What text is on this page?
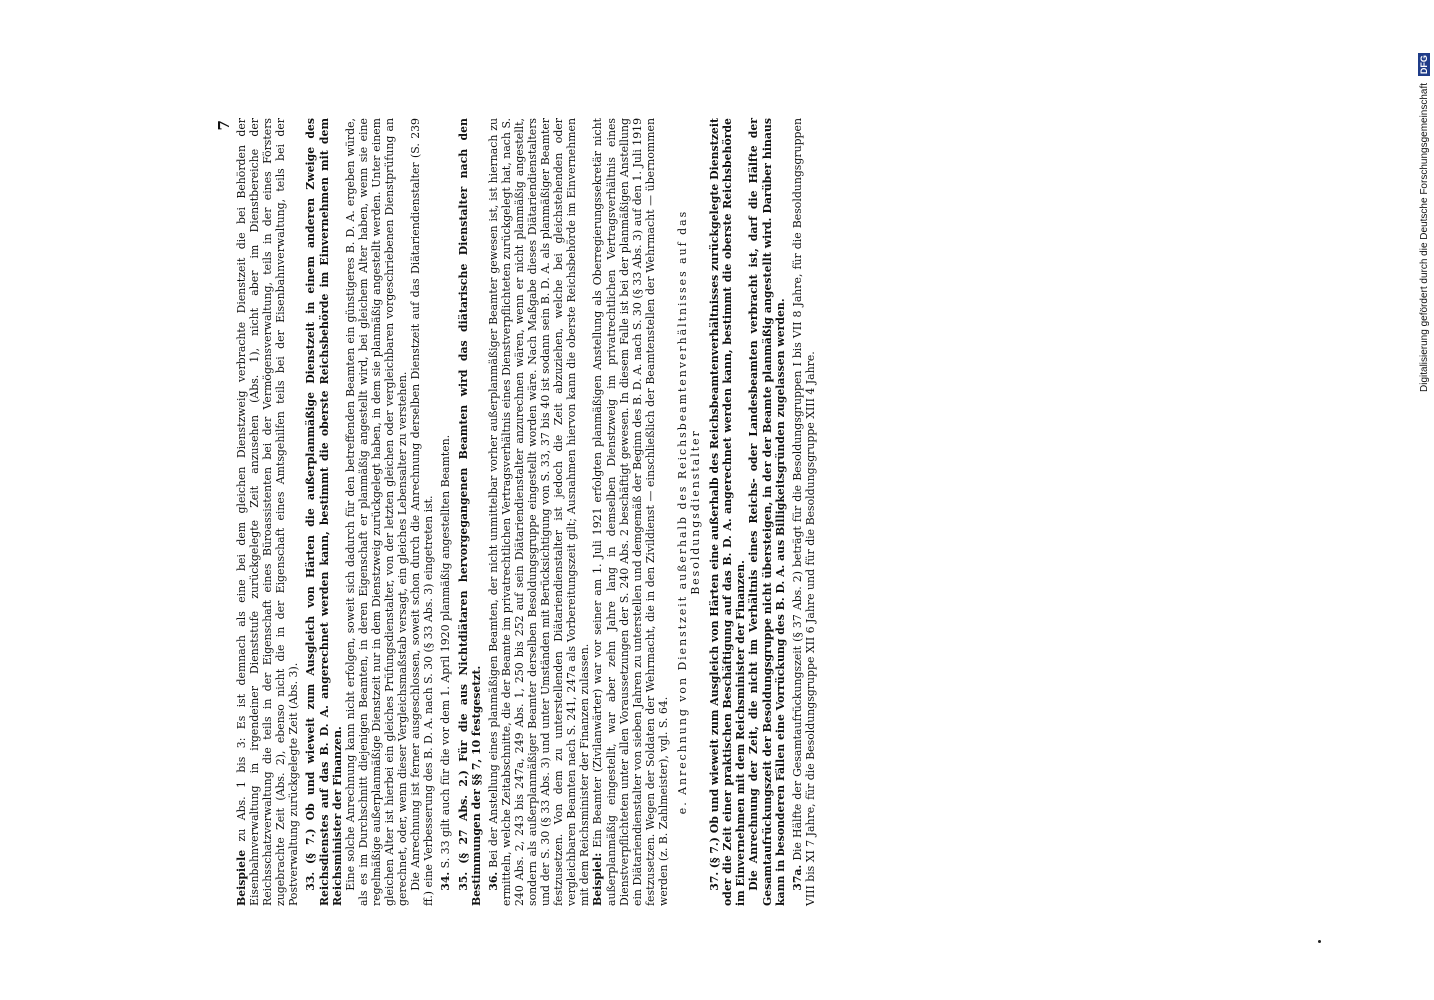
7

Beispiele zu Abs. 1 bis 3: Es ist demnach als eine bei dem gleichen Dienstzweig verbrachte Dienstzeit die bei Behörden der Eisenbahnverwaltung in irgendeiner Dienststufe zurückgelegte Zeit anzusehen (Abs. 1), nicht aber im Dienstbereiche der Reichsschatzverwaltung die teils in der Eigenschaft eines Büroassistenten bei der Vermögensverwaltung, teils in der eines Försters zugebrachte Zeit (Abs. 2), ebenso nicht die in der Eigenschaft eines Amtsgehilfen teils bei der Eisenbahnverwaltung, teils bei der Postverwaltung zurückgelegte Zeit (Abs. 3). 33. (§ 7.) Ob und wieweit zum Ausgleich von Härten die außerplanmäßige Dienstzeit in einem anderen Zweige des Reichsdienstes auf das B. D. A. angerechnet werden kann, bestimmt die oberste Reichsbehörde im Einvernehmen mit dem Reichsminister der Finanzen. Eine solche Anrechnung kann nicht erfolgen, soweit sich dadurch für den betreffenden Beamten ein günstigeres B. D. A. ergeben würde, als es im Durchschnitt diejenigen Beamten, in deren Eigenschaft er planmäßig angestellt wird, bei gleichem Alter haben, wenn sie eine regelmäßige außerplanmäßige Dienstzeit nur in dem Dienstzweig zurückgelegt haben, in dem sie planmäßig angestellt werden. Unter einem gleichen Alter ist hierbei ein gleiches Prüfungsdienstalter, von der letzten gleichen oder vergleichbaren vorgeschriebenen Dienstprüfung an gerechnet, oder, wenn dieser Vergleichsmaßstab versagt, ein gleiches Lebensalter zu verstehen. Die Anrechnung ist ferner ausgeschlossen, soweit schon durch die Anrechnung derselben Dienstzeit auf das Diätariendienstalter (S. 239 ff.) eine Verbesserung des B. D. A. nach S. 30 (§ 33 Abs. 3) eingetreten ist. 34. S. 33 gilt auch für die vor dem 1. April 1920 planmäßig angestellten Beamten.

35. (§ 27 Abs. 2.) Für die aus Nichtdiätaren hervorgegangenen Beamten wird das diätarische Dienstalter nach den Bestimmungen der §§ 7, 10 festgesetzt. 36. Bei der Anstellung eines planmäßigen Beamten, der nicht unmittelbar vorher außerplanmäßiger Beamter gewesen ist, ist hiernach zu ermitteln, welche Zeitabschnitte, die der Beamte im privatrechtlichen Vertragsverhältnis eines Dienstverpflichteten zurückgelegt hat, nach S. 240 Abs. 2, 243 bis 247a, 249 Abs. 1, 250 bis 252 auf sein Diätariendienstalter anzurechnen wären, wenn er nicht planmäßig angestellt, sondern als außerplanmäßiger Beamter derselben Besoldungsgruppe eingestellt worden wäre. Nach Maßgabe dieses Diätariendienstalters und der S. 30 (§ 33 Abs. 3) und unter Umständen mit Berücksichtigung von S. 33, 37 bis 40 ist sodann sein B. D. A. als planmäßiger Beamter festzusetzen. Von dem zu unterstellenden Diätariendienstalter ist jedoch die Zeit abzuziehen, welche bei gleichstehenden oder vergleichbaren Beamten nach S. 241, 247a als Vorbereitungszeit gilt; Ausnahmen hiervon kann die oberste Reichsbehörde im Einvernehmen mit dem Reichsminister der Finanzen zulassen. Beispiel: Ein Beamter (Zivilanwärter) war vor seiner am 1. Juli 1921 erfolgten planmäßigen Anstellung als Oberregierungssekretär nicht außerplanmäßig eingestellt, war aber zehn Jahre lang in demselben Dienstzweig im privatrechtlichen Vertragsverhältnis eines Dienstverpflichteten unter allen Voraussetzungen der S. 240 Abs. 2 beschäftigt gewesen. In diesem Falle ist bei der planmäßigen Anstellung ein Diätariendienstalter von sieben Jahren zu unterstellen und demgemäß der Beginn des B. D. A. nach S. 30 (§ 33 Abs. 3) auf den 1. Juli 1919 festzusetzen. Wegen der Soldaten der Wehrmacht, die in den Zivildienst — einschließlich der Beamtenstellen der Wehrmacht — übernommen werden (z. B. Zahlmeister), vgl. S. 64. e. Anrechnung von Dienstzeit außerhalb des Reichsbeamtenverhältnisses auf das Besoldungsdienstalter

37. (§ 7.) Ob und wieweit zum Ausgleich von Härten eine außerhalb des Reichsbeamtenverhältnisses zurückgelegte Dienstzeit oder die Zeit einer praktischen Beschäftigung auf das B. D. A. angerechnet werden kann, bestimmt die oberste Reichsbehörde im Einvernehmen mit dem Reichsminister der Finanzen. Die Anrechnung der Zeit, die nicht im Verhältnis eines Reichs- oder Landesbeamten verbracht ist, darf die Hälfte der Gesamtaufrückungszeit der Besoldungsgruppe nicht übersteigen, in der der Beamte planmäßig angestellt wird. Darüber hinaus kann in besonderen Fällen eine Vorrückung des B. D. A. aus Billigkeitsgründen zugelassen werden. 37a. Die Hälfte der Gesamtaufrückungszeit (§ 37 Abs. 2) beträgt für die Besoldungsgruppen I bis VII 8 Jahre, für die Besoldungsgruppen VIII bis XI 7 Jahre, für die Besoldungsgruppe XII 6 Jahre und für die Besoldungsgruppe XIII 4 Jahre.

Digitalisierung gefördert durch die Deutsche Forschungsgemeinschaft DFG
